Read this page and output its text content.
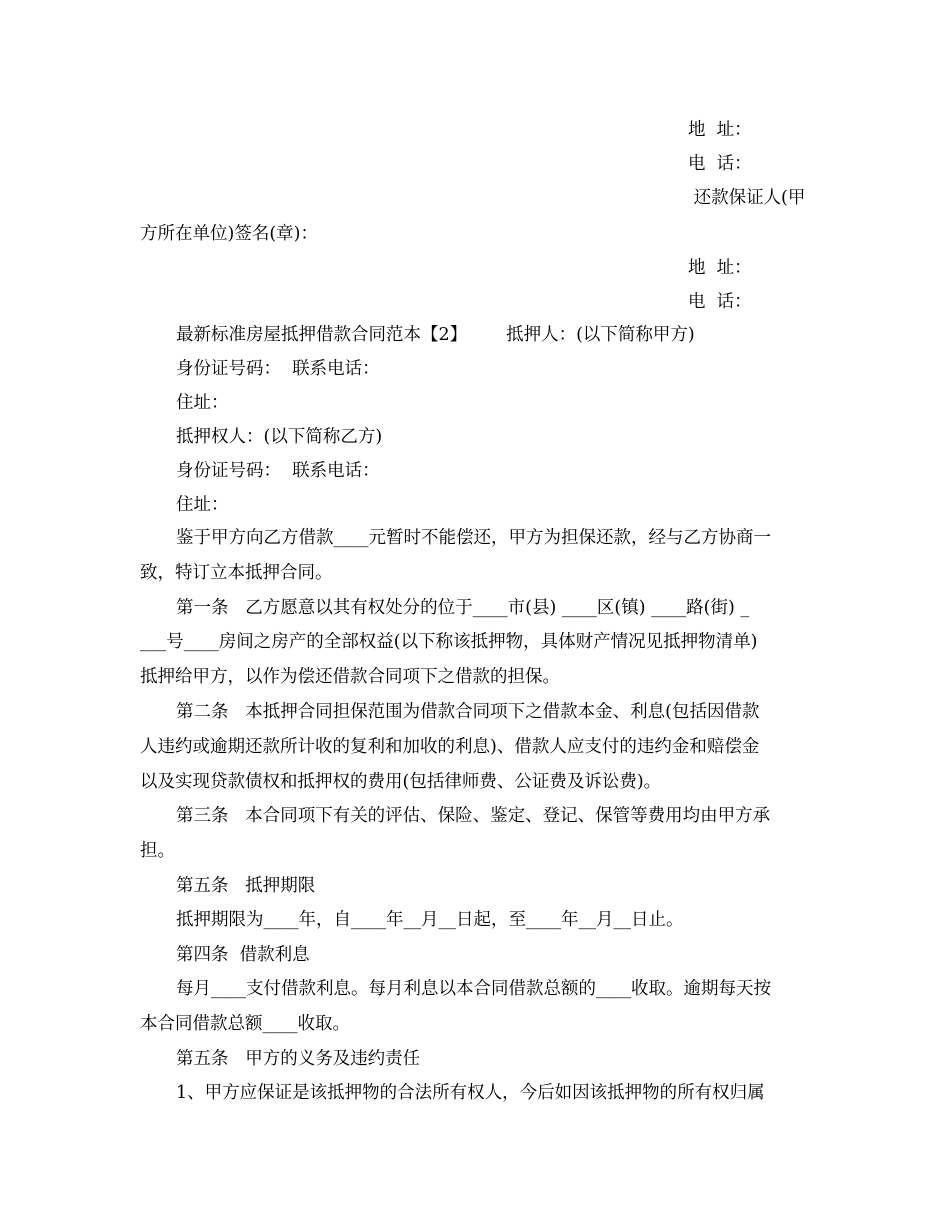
地  址：
电  话：
还款保证人(甲
方所在单位)签名(章)：
地  址：
电  话：
最新标准房屋抵押借款合同范本【2】       抵押人：(以下简称甲方)
身份证号码：  联系电话：
住址：
抵押权人：(以下简称乙方)
身份证号码：  联系电话：
住址：
鉴于甲方向乙方借款____元暂时不能偿还，甲方为担保还款，经与乙方协商一
致，特订立本抵押合同。
第一条   乙方愿意以其有权处分的位于____市(县) ____区(镇) ____路(街) _
___号____房间之房产的全部权益(以下称该抵押物，具体财产情况见抵押物清单)
抵押给甲方，以作为偿还借款合同项下之借款的担保。
第二条   本抵押合同担保范围为借款合同项下之借款本金、利息(包括因借款
人违约或逾期还款所计收的复利和加收的利息)、借款人应支付的违约金和赔偿金
以及实现贷款债权和抵押权的费用(包括律师费、公证费及诉讼费)。
第三条   本合同项下有关的评估、保险、鉴定、登记、保管等费用均由甲方承
担。
第五条   抵押期限
抵押期限为____年，自____年__月__日起，至____年__月__日止。
第四条  借款利息
每月____支付借款利息。每月利息以本合同借款总额的____收取。逾期每天按
本合同借款总额____收取。
第五条   甲方的义务及违约责任
1、甲方应保证是该抵押物的合法所有权人，今后如因该抵押物的所有权归属
